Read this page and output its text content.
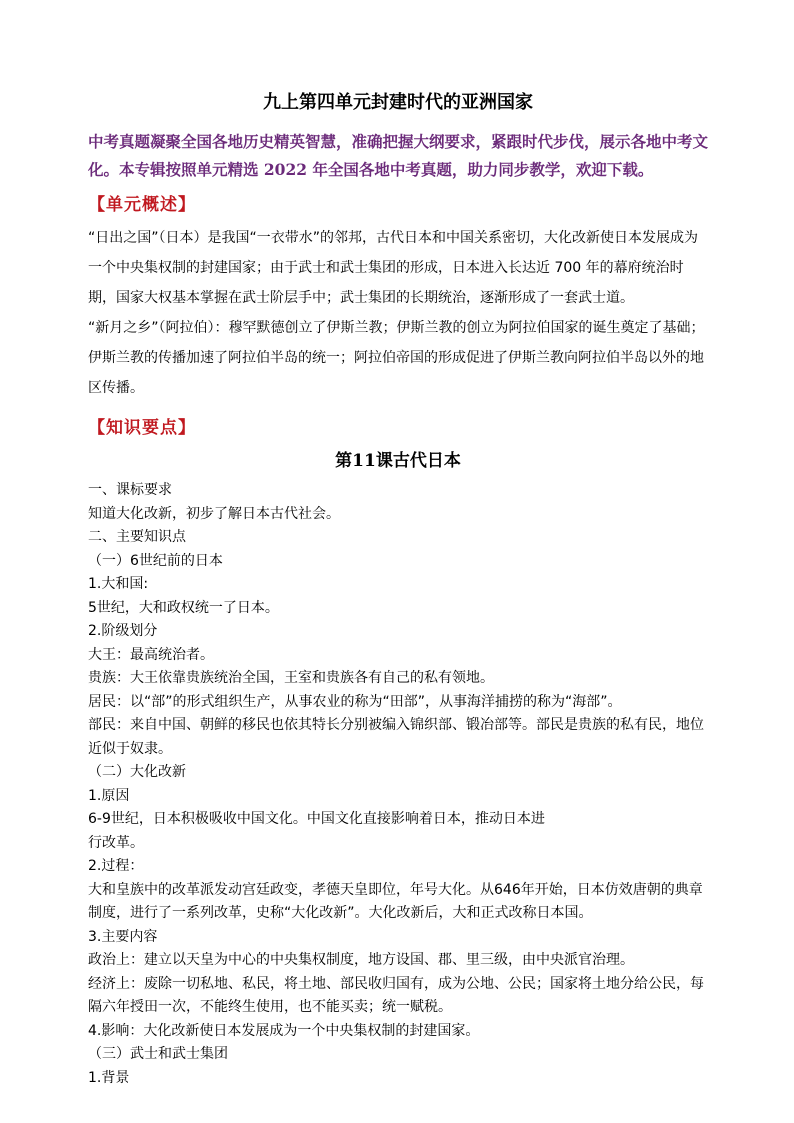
九上第四单元封建时代的亚洲国家

中考真题凝聚全国各地历史精英智慧，准确把握大纲要求，紧跟时代步伐，展示各地中考文化。本专辑按照单元精选 2022 年全国各地中考真题，助力同步教学，欢迎下载。

【单元概述】

“日出之国”（日本）是我国“一衣带水”的邻邦，古代日本和中国关系密切，大化改新使日本发展成为一个中央集权制的封建国家；由于武士和武士集团的形成，日本进入长达近 700 年的幕府统治时期，国家大权基本掌握在武士阶层手中；武士集团的长期统治，逐渐形成了一套武士道。

“新月之乡”（阿拉伯）：穆罕默德创立了伊斯兰教；伊斯兰教的创立为阿拉伯国家的诞生奠定了基础；伊斯兰教的传播加速了阿拉伯半岛的统一；阿拉伯帝国的形成促进了伊斯兰教向阿拉伯半岛以外的地区传播。

【知识要点】
第11课古代日本
一、课标要求
知道大化改新，初步了解日本古代社会。
二、主要知识点
（一）6世纪前的日本
1.大和国:
5世纪，大和政权统一了日本。
2.阶级划分
大王：最高统治者。
贵族：大王依靠贵族统治全国，王室和贵族各有自己的私有领地。
居民：以“部”的形式组织生产，从事农业的称为“田部”，从事海洋捕捞的称为“海部”。
部民：来自中国、朝鲜的移民也依其特长分别被编入锦织部、锻冶部等。部民是贵族的私有民，地位
近似于奴隶。
（二）大化改新
1.原因
6-9世纪，日本积极吸收中国文化。中国文化直接影响着日本，推动日本进
行改革。
2.过程：
大和皇族中的改革派发动宫廷政变，孝德天皇即位，年号大化。从646年开始，日本仿效唐朝的典章
制度，进行了一系列改革，史称“大化改新”。大化改新后，大和正式改称日本国。
3.主要内容
政治上：建立以天皇为中心的中央集权制度，地方设国、郡、里三级，由中央派官治理。
经济上：废除一切私地、私民，将土地、部民收归国有，成为公地、公民；国家将土地分给公民，每
隔六年授田一次，不能终生使用，也不能买卖；统一赋税。
4.影响：大化改新使日本发展成为一个中央集权制的封建国家。
（三）武士和武士集团
1.背景
